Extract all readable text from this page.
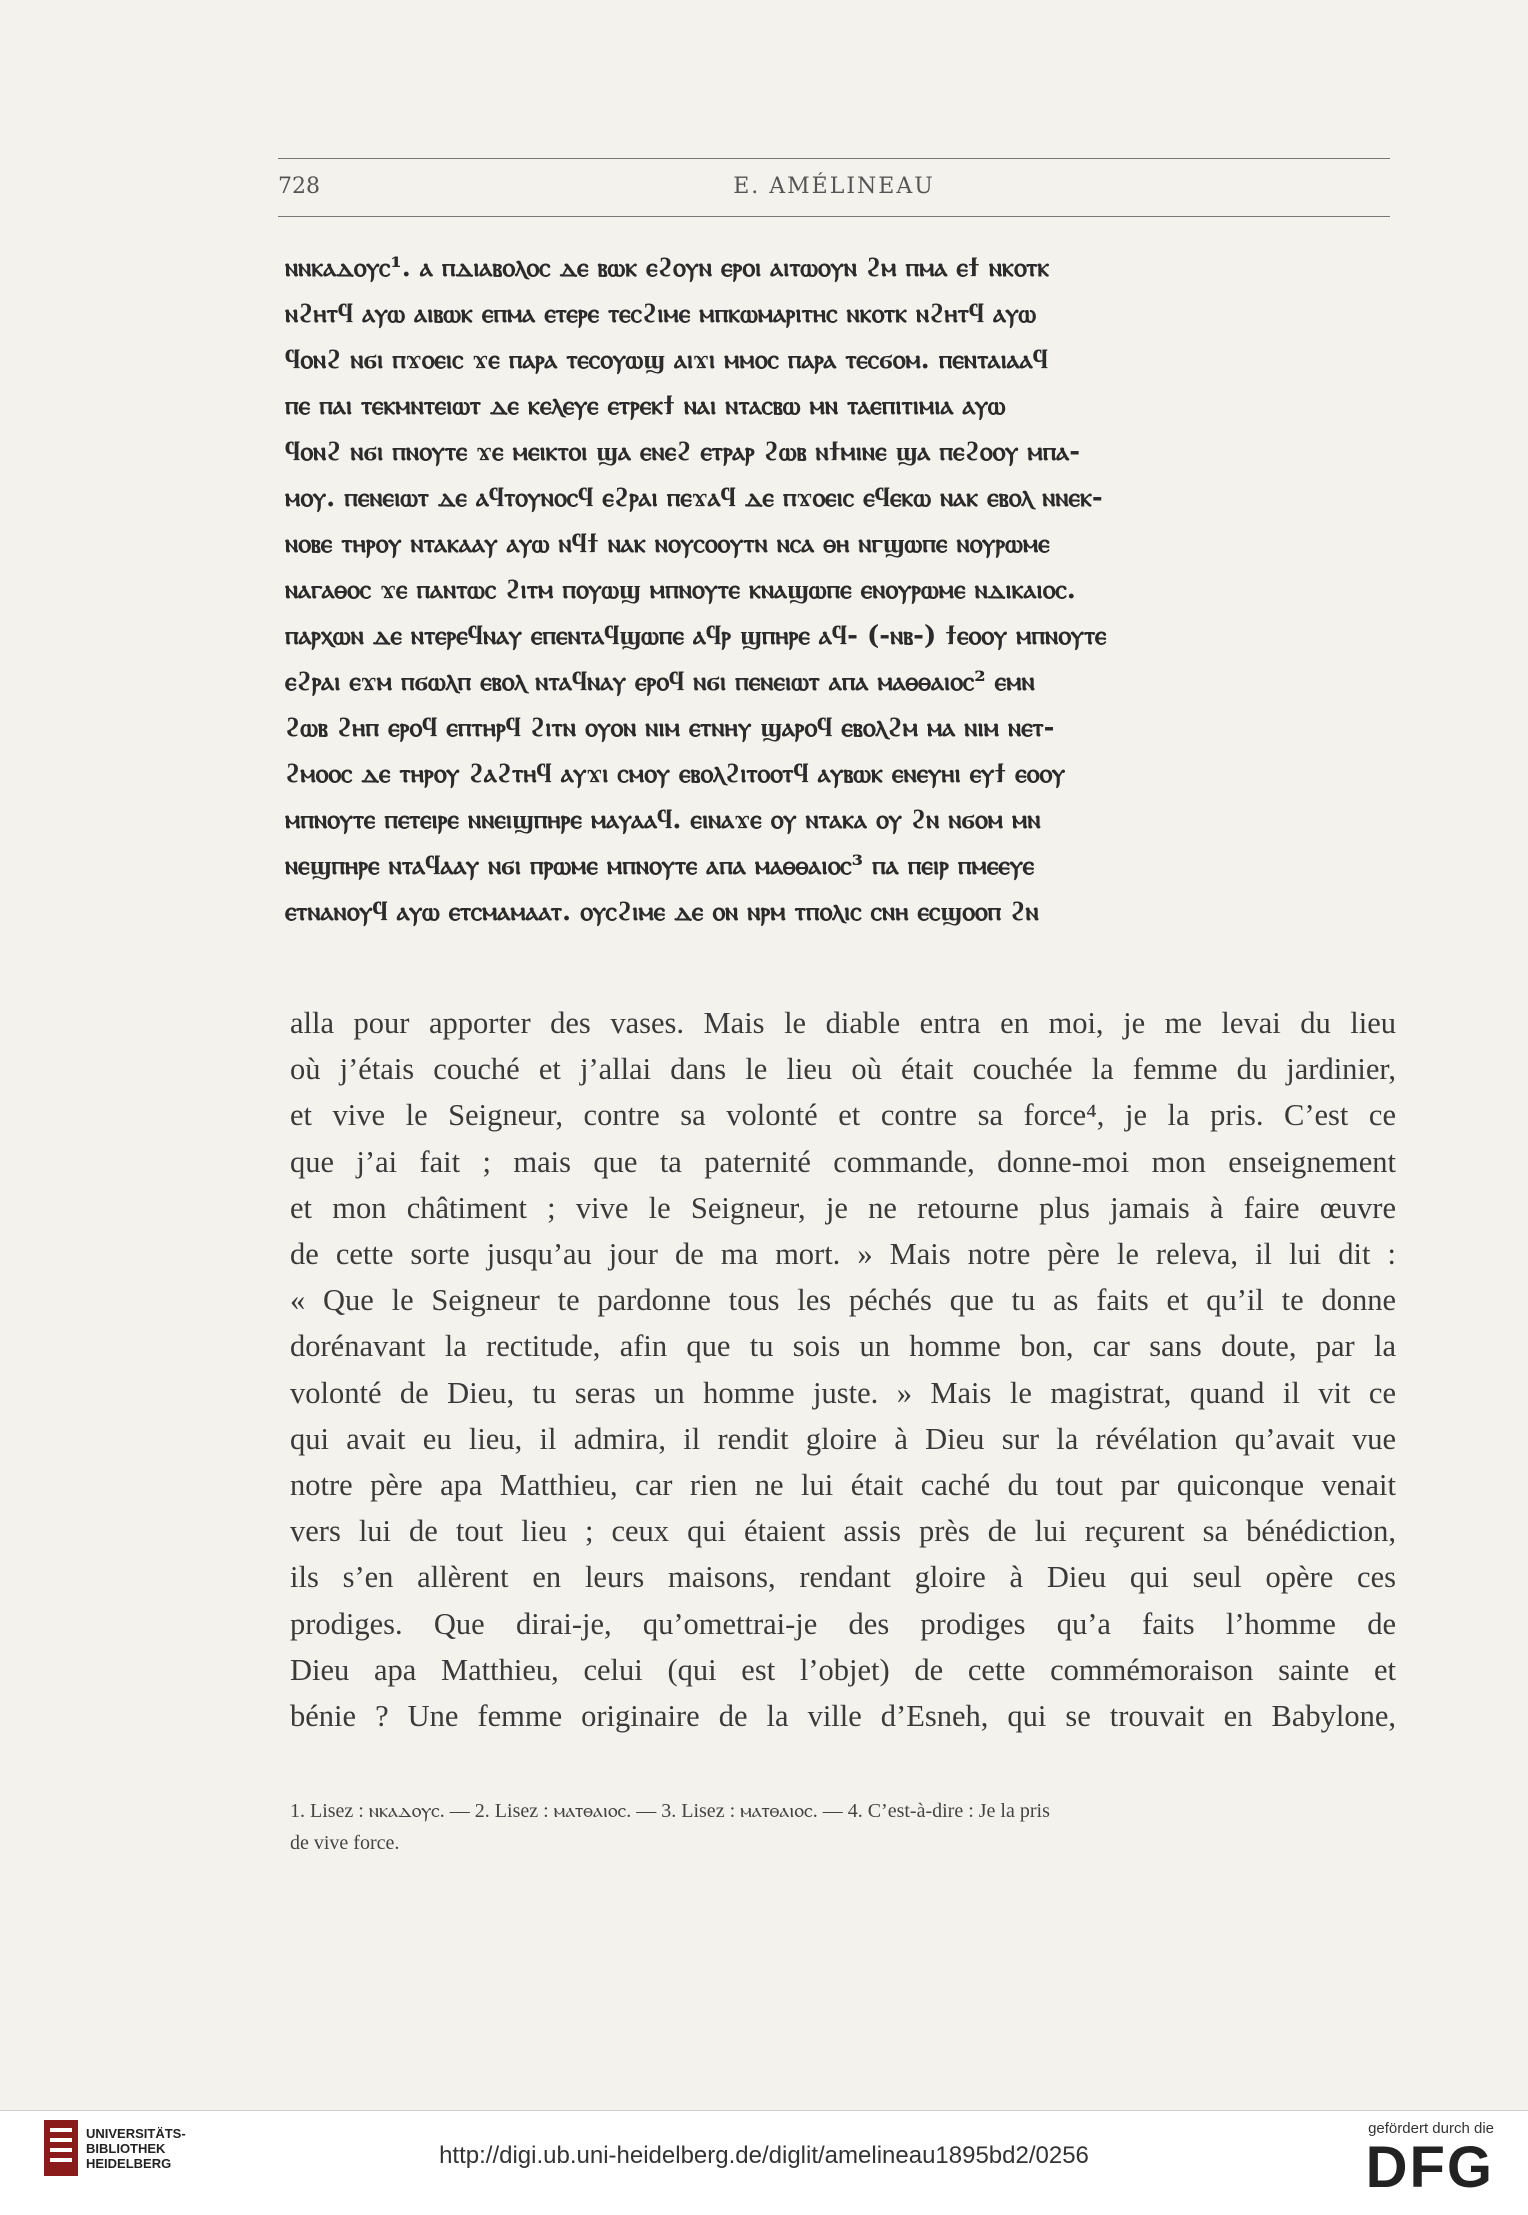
728	E. AMÉLINEAU
ⲛⲛⲕⲁⲇⲟⲩⲥ¹. ⲁ ⲡⲇⲓⲁⲃⲟⲗⲟⲥ ⲇⲉ ⲃⲱⲕ ⲉϩⲟⲩⲛ ⲉⲣⲟⲓ ⲁⲓⲧⲱⲟⲩⲛ ϩⲙ ⲡⲙⲁ ⲉϯ ⲛⲕⲟⲧⲕ
ⲛϩⲏⲧϥ ⲁⲩⲱ ⲁⲓⲃⲱⲕ ⲉⲡⲙⲁ ⲉⲧⲉⲣⲉ ⲧⲉⲥϩⲓⲙⲉ ⲙⲡⲕⲱⲙⲁⲣⲓⲧⲏⲥ ⲛⲕⲟⲧⲕ ⲛϩⲏⲧϥ ⲁⲩⲱ
ϥⲟⲛϩ ⲛϭⲓ ⲡϫⲟⲉⲓⲥ ϫⲉ ⲡⲁⲣⲁ ⲧⲉⲥⲟⲩⲱϣ ⲁⲓϫⲓ ⲙⲙⲟⲥ ⲡⲁⲣⲁ ⲧⲉⲥϭⲟⲙ. ⲡⲉⲛⲧⲁⲓⲁⲁϥ
ⲡⲉ ⲡⲁⲓ ⲧⲉⲕⲙⲛⲧⲉⲓⲱⲧ ⲇⲉ ⲕⲉⲗⲉⲩⲉ ⲉⲧⲣⲉⲕϯ ⲛⲁⲓ ⲛⲧⲁⲥⲃⲱ ⲙⲛ ⲧⲁⲉⲡⲓⲧⲓⲙⲓⲁ ⲁⲩⲱ
ϥⲟⲛϩ ⲛϭⲓ ⲡⲛⲟⲩⲧⲉ ϫⲉ ⲙⲉⲓⲕⲧⲟⲓ ϣⲁ ⲉⲛⲉϩ ⲉⲧⲣⲁⲣ ϩⲱⲃ ⲛϯⲙⲓⲛⲉ ϣⲁ ⲡⲉϩⲟⲟⲩ ⲙⲡⲁ-
ⲙⲟⲩ. ⲡⲉⲛⲉⲓⲱⲧ ⲇⲉ ⲁϥⲧⲟⲩⲛⲟⲥϥ ⲉϩⲣⲁⲓ ⲡⲉϫⲁϥ ⲇⲉ ⲡϫⲟⲉⲓⲥ ⲉϥⲉⲕⲱ ⲛⲁⲕ ⲉⲃⲟⲗ ⲛⲛⲉⲕ-
ⲛⲟⲃⲉ ⲧⲏⲣⲟⲩ ⲛⲧⲁⲕⲁⲁⲩ ⲁⲩⲱ ⲛϥϯ ⲛⲁⲕ ⲛⲟⲩⲥⲟⲟⲩⲧⲛ ⲛⲥⲁ ⲑⲏ ⲛⲅϣⲱⲡⲉ ⲛⲟⲩⲣⲱⲙⲉ
ⲛⲁⲅⲁⲑⲟⲥ ϫⲉ ⲡⲁⲛⲧⲱⲥ ϩⲓⲧⲙ ⲡⲟⲩⲱϣ ⲙⲡⲛⲟⲩⲧⲉ ⲕⲛⲁϣⲱⲡⲉ ⲉⲛⲟⲩⲣⲱⲙⲉ ⲛⲇⲓⲕⲁⲓⲟⲥ.
ⲡⲁⲣⲭⲱⲛ ⲇⲉ ⲛⲧⲉⲣⲉϥⲛⲁⲩ ⲉⲡⲉⲛⲧⲁϥϣⲱⲡⲉ ⲁϥⲣ ϣⲡⲏⲣⲉ ⲁϥ- (-ⲛⲃ-) ϯⲉⲟⲟⲩ ⲙⲡⲛⲟⲩⲧⲉ
ⲉϩⲣⲁⲓ ⲉϫⲙ ⲡϭⲱⲗⲡ ⲉⲃⲟⲗ ⲛⲧⲁϥⲛⲁⲩ ⲉⲣⲟϥ ⲛϭⲓ ⲡⲉⲛⲉⲓⲱⲧ ⲁⲡⲁ ⲙⲁⲑⲑⲁⲓⲟⲥ² ⲉⲙⲛ
ϩⲱⲃ ϩⲏⲡ ⲉⲣⲟϥ ⲉⲡⲧⲏⲣϥ ϩⲓⲧⲛ ⲟⲩⲟⲛ ⲛⲓⲙ ⲉⲧⲛⲏⲩ ϣⲁⲣⲟϥ ⲉⲃⲟⲗϩⲙ ⲙⲁ ⲛⲓⲙ ⲛⲉⲧ-
ϩⲙⲟⲟⲥ ⲇⲉ ⲧⲏⲣⲟⲩ ϩⲁϩⲧⲏϥ ⲁⲩϫⲓ ⲥⲙⲟⲩ ⲉⲃⲟⲗϩⲓⲧⲟⲟⲧϥ ⲁⲩⲃⲱⲕ ⲉⲛⲉⲩⲏⲓ ⲉⲩϯ ⲉⲟⲟⲩ
ⲙⲡⲛⲟⲩⲧⲉ ⲡⲉⲧⲉⲓⲣⲉ ⲛⲛⲉⲓϣⲡⲏⲣⲉ ⲙⲁⲩⲁⲁϥ. ⲉⲓⲛⲁϫⲉ ⲟⲩ ⲛⲧⲁⲕⲁ ⲟⲩ ϩⲛ ⲛϭⲟⲙ ⲙⲛ
ⲛⲉϣⲡⲏⲣⲉ ⲛⲧⲁϥⲁⲁⲩ ⲛϭⲓ ⲡⲣⲱⲙⲉ ⲙⲡⲛⲟⲩⲧⲉ ⲁⲡⲁ ⲙⲁⲑⲑⲁⲓⲟⲥ³ ⲡⲁ ⲡⲉⲓⲣ ⲡⲙⲉⲉⲩⲉ
ⲉⲧⲛⲁⲛⲟⲩϥ ⲁⲩⲱ ⲉⲧⲥⲙⲁⲙⲁⲁⲧ. ⲟⲩⲥϩⲓⲙⲉ ⲇⲉ ⲟⲛ ⲛⲣⲙ ⲧⲡⲟⲗⲓⲥ ⲥⲛⲏ ⲉⲥϣⲟⲟⲡ ϩⲛ
alla pour apporter des vases. Mais le diable entra en moi, je me levai du lieu
où j’étais couché et j’allai dans le lieu où était couchée la femme du jardinier,
et vive le Seigneur, contre sa volonté et contre sa force⁴, je la pris. C’est ce
que j’ai fait ; mais que ta paternité commande, donne-moi mon enseignement
et mon châtiment ; vive le Seigneur, je ne retourne plus jamais à faire œuvre
de cette sorte jusqu’au jour de ma mort. » Mais notre père le releva, il lui dit :
« Que le Seigneur te pardonne tous les péchés que tu as faits et qu’il te donne
dorénavant la rectitude, afin que tu sois un homme bon, car sans doute, par la
volonté de Dieu, tu seras un homme juste. » Mais le magistrat, quand il vit ce
qui avait eu lieu, il admira, il rendit gloire à Dieu sur la révélation qu’avait vue
notre père apa Matthieu, car rien ne lui était caché du tout par quiconque venait
vers lui de tout lieu ; ceux qui étaient assis près de lui reçurent sa bénédiction,
ils s’en allèrent en leurs maisons, rendant gloire à Dieu qui seul opère ces
prodiges. Que dirai-je, qu’omettrai-je des prodiges qu’a faits l’homme de
Dieu apa Matthieu, celui (qui est l’objet) de cette commémoraison sainte et
bénie ? Une femme originaire de la ville d’Esneh, qui se trouvait en Babylone,
1. Lisez : ⲛⲕⲁⲇⲟⲩⲥ. — 2. Lisez : ⲙⲁⲧⲑⲁⲓⲟⲥ. — 3. Lisez : ⲙⲁⲧⲑⲁⲓⲟⲥ. — 4. C’est-à-dire : Je la pris
de vive force.
UNIVERSITÄTS-
BIBLIOTHEK
HEIDELBERG	http://digi.ub.uni-heidelberg.de/diglit/amelineau1895bd2/0256
gefördert durch die
DFG
